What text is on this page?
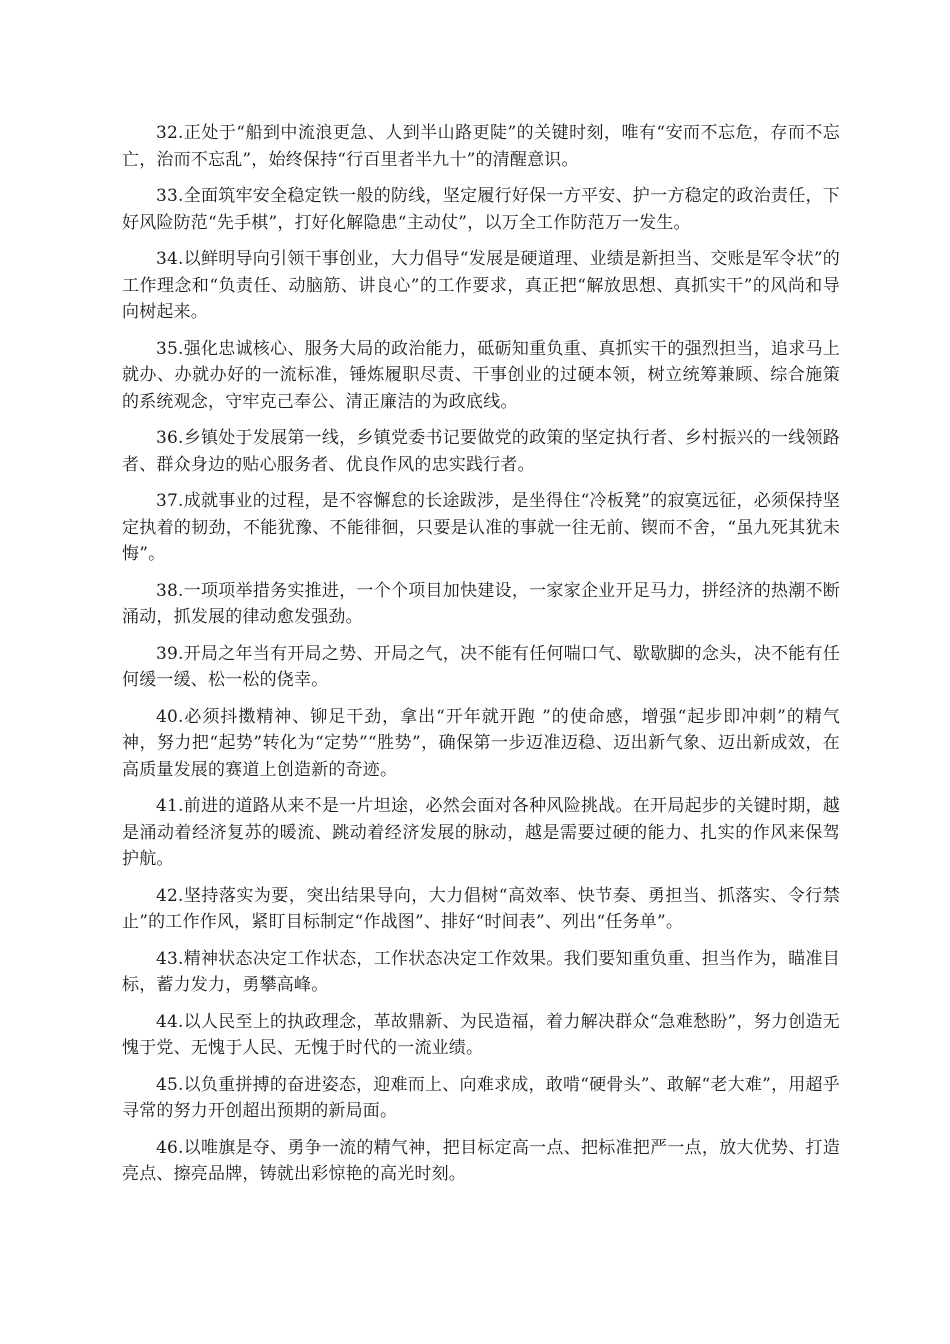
32.正处于“船到中流浪更急、人到半山路更陡”的关键时刻，唯有“安而不忘危，存而不忘亡，治而不忘乱”，始终保持“行百里者半九十”的清醒意识。

33.全面筑牢安全稳定铁一般的防线，坚定履行好保一方平安、护一方稳定的政治责任，下好风险防范“先手棋”，打好化解隐患“主动仗”，以万全工作防范万一发生。

34.以鲜明导向引领干事创业，大力倡导“发展是硬道理、业绩是新担当、交账是军令状”的工作理念和“负责任、动脑筋、讲良心”的工作要求，真正把“解放思想、真抓实干”的风尚和导向树起来。

35.强化忠诚核心、服务大局的政治能力，砥砺知重负重、真抓实干的强烈担当，追求马上就办、办就办好的一流标准，锤炼履职尽责、干事创业的过硬本领，树立统筹兼顾、综合施策的系统观念，守牢克己奉公、清正廉洁的为政底线。

36.乡镇处于发展第一线，乡镇党委书记要做党的政策的坚定执行者、乡村振兴的一线领路者、群众身边的贴心服务者、优良作风的忠实践行者。

37.成就事业的过程，是不容懈怠的长途跋涉，是坐得住“冷板凳”的寂寞远征，必须保持坚定执着的韧劲，不能犹豫、不能徘徊，只要是认准的事就一往无前、锲而不舍，“虽九死其犹未悔”。

38.一项项举措务实推进，一个个项目加快建设，一家家企业开足马力，拼经济的热潮不断涌动，抓发展的律动愈发强劲。

39.开局之年当有开局之势、开局之气，决不能有任何喘口气、歇歇脚的念头，决不能有任何缓一缓、松一松的侥幸。

40.必须抖擞精神、铆足干劲，拿出“开年就开跑 ”的使命感，增强“起步即冲刺”的精气神，努力把“起势”转化为“定势”“胜势”，确保第一步迈准迈稳、迈出新气象、迈出新成效，在高质量发展的赛道上创造新的奇迹。

41.前进的道路从来不是一片坦途，必然会面对各种风险挑战。在开局起步的关键时期，越是涌动着经济复苏的暖流、跳动着经济发展的脉动，越是需要过硬的能力、扎实的作风来保驾护航。

42.坚持落实为要，突出结果导向，大力倡树“高效率、快节奏、勇担当、抓落实、令行禁止”的工作作风，紧盯目标制定“作战图”、排好“时间表”、列出“任务单”。

43.精神状态决定工作状态，工作状态决定工作效果。我们要知重负重、担当作为，瞄准目标，蓄力发力，勇攀高峰。

44.以人民至上的执政理念，革故鼎新、为民造福，着力解决群众“急难愁盼”，努力创造无愧于党、无愧于人民、无愧于时代的一流业绩。

45.以负重拼搏的奋进姿态，迎难而上、向难求成，敢啃“硬骨头”、敢解“老大难”，用超乎寻常的努力开创超出预期的新局面。

46.以唯旗是夺、勇争一流的精气神，把目标定高一点、把标准把严一点，放大优势、打造亮点、擦亮品牌，铸就出彩惊艳的高光时刻。
